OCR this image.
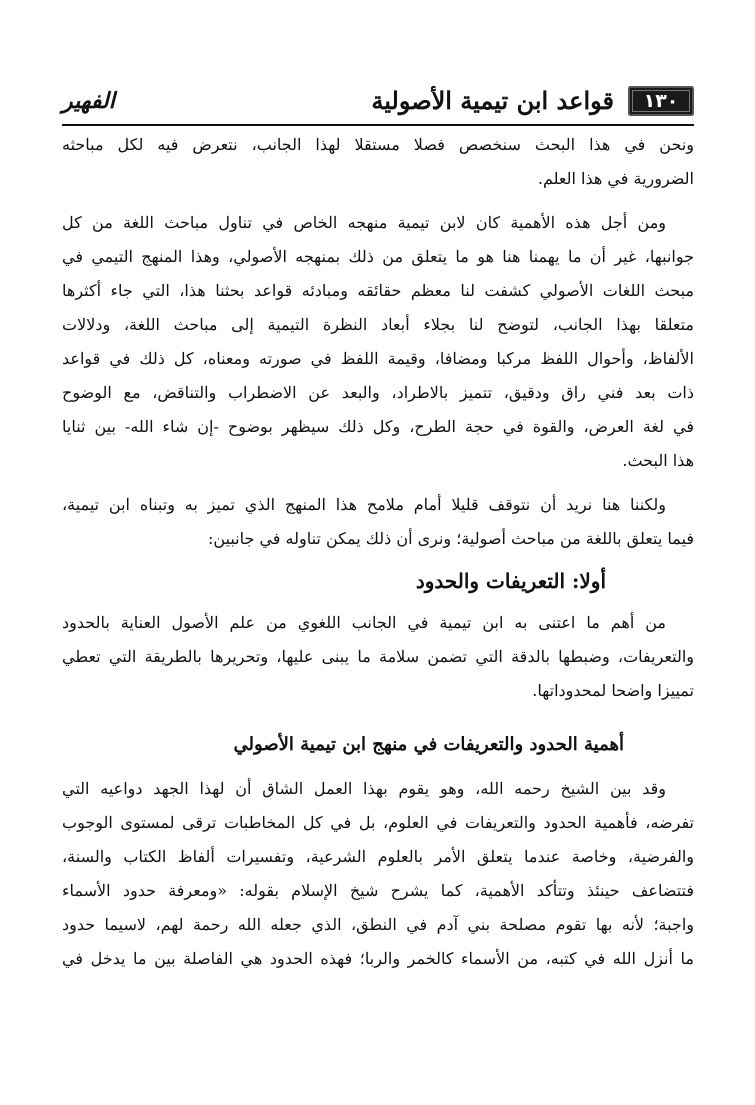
١٣٠
قواعد ابن تيمية الأصولية
الفهير
ونحن في هذا البحث سنخصص فصلا مستقلا لهذا الجانب، نتعرض فيه لكل مباحثه
الضرورية في هذا العلم.
ومن أجل هذه الأهمية كان لابن تيمية منهجه الخاص في تناول مباحث اللغة من كل
جوانبها، غير أن ما يهمنا هنا هو ما يتعلق من ذلك بمنهجه الأصولي، وهذا المنهج التيمي في
مبحث اللغات الأصولي كشفت لنا معظم حقائقه ومبادئه قواعد بحثنا هذا، التي جاء أكثرها
متعلقا بهذا الجانب، لتوضح لنا بجلاء أبعاد النظرة التيمية إلى مباحث اللغة، ودلالات
الألفاظ، وأحوال اللفظ مركبا ومضافا، وقيمة اللفظ في صورته ومعناه، كل ذلك في قواعد
ذات بعد فني راق ودقيق، تتميز بالاطراد، والبعد عن الاضطراب والتناقض، مع الوضوح
في لغة العرض، والقوة في حجة الطرح، وكل ذلك سيظهر بوضوح -إن شاء الله- بين ثنايا
هذا البحث.
ولكننا هنا نريد أن نتوقف قليلا أمام ملامح هذا المنهج الذي تميز به وتبناه ابن تيمية،
فيما يتعلق باللغة من مباحث أصولية؛ ونرى أن ذلك يمكن تناوله في جانبين:
أولا: التعريفات والحدود
من أهم ما اعتنى به ابن تيمية في الجانب اللغوي من علم الأصول العناية بالحدود
والتعريفات، وضبطها بالدقة التي تضمن سلامة ما يبنى عليها، وتحريرها بالطريقة التي تعطي
تمييزا واضحا لمحدوداتها.
أهمية الحدود والتعريفات في منهج ابن تيمية الأصولي
وقد بين الشيخ رحمه الله، وهو يقوم بهذا العمل الشاق أن لهذا الجهد دواعيه التي
تفرضه، فأهمية الحدود والتعريفات في العلوم، بل في كل المخاطبات ترقى لمستوى الوجوب
والفرضية، وخاصة عندما يتعلق الأمر بالعلوم الشرعية، وتفسيرات ألفاظ الكتاب والسنة،
فتتضاعف حينئذ وتتأكد الأهمية، كما يشرح شيخ الإسلام بقوله: «ومعرفة حدود الأسماء
واجبة؛ لأنه بها تقوم مصلحة بني آدم في النطق، الذي جعله الله رحمة لهم، لاسيما حدود
ما أنزل الله في كتبه، من الأسماء كالخمر والربا؛ فهذه الحدود هي الفاصلة بين ما يدخل في
